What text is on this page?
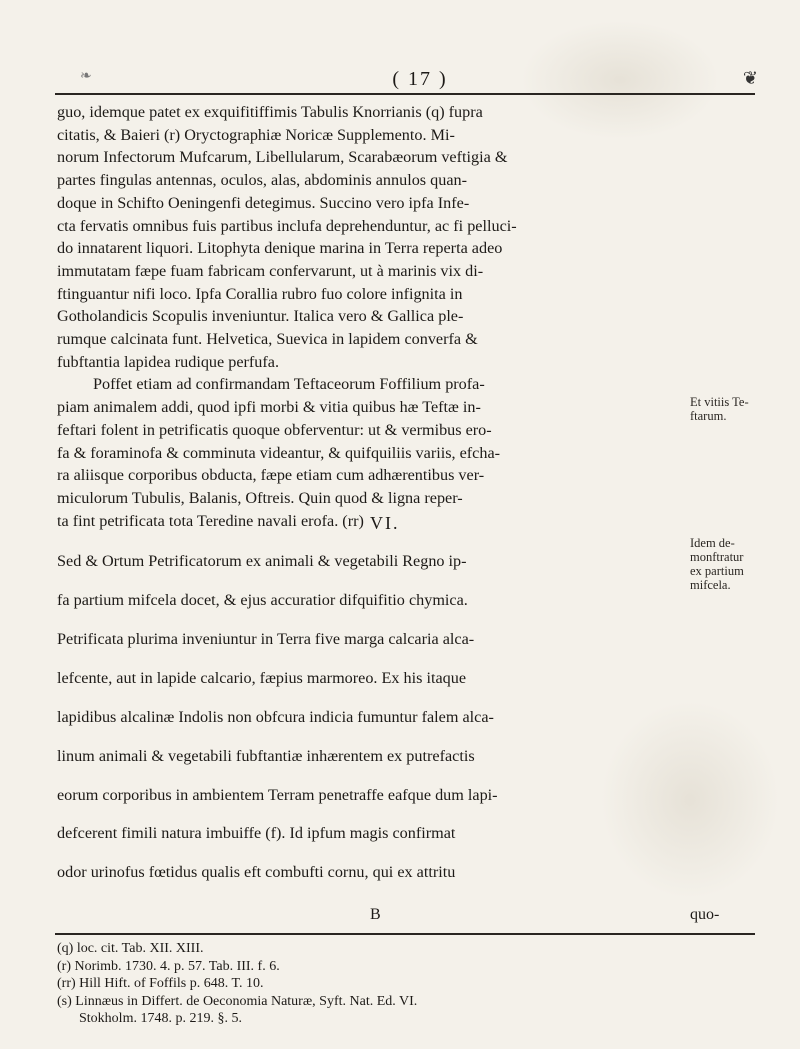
❧	( 17 )	❦

guo, idemque patet ex exquifitiffimis Tabulis Knorrianis (q) fupra

citatis, & Baieri (r) Oryctographiæ Noricæ Supplemento. Mi-

norum Infectorum Mufcarum, Libellularum, Scarabæorum veftigia &

partes fingulas antennas, oculos, alas, abdominis annulos quan-

doque in Schifto Oeningenfi detegimus. Succino vero ipfa Infe-

cta fervatis omnibus fuis partibus inclufa deprehenduntur, ac fi pelluci-

do innatarent liquori. Litophyta denique marina in Terra reperta adeo

immutatam fæpe fuam fabricam confervarunt, ut à marinis vix di-

ftinguantur nifi loco. Ipfa Corallia rubro fuo colore infignita in

Gotholandicis Scopulis inveniuntur. Italica vero & Gallica ple-

rumque calcinata funt. Helvetica, Suevica in lapidem converfa &

fubftantia lapidea rudique perfufa.

Poffet etiam ad confirmandam Teftaceorum Foffilium profa-

piam animalem addi, quod ipfi morbi & vitia quibus hæ Teftæ in-

feftari folent in petrificatis quoque obferventur: ut & vermibus ero-

fa & foraminofa & comminuta videantur, & quifquiliis variis, efcha-

ra aliisque corporibus obducta, fæpe etiam cum adhærentibus ver-

miculorum Tubulis, Balanis, Oftreis. Quin quod & ligna reper-

ta fint petrificata tota Teredine navali erofa. (rr)

Et vitiis Te-
ftarum.
VI.

Sed & Ortum Petrificatorum ex animali & vegetabili Regno ip-

fa partium mifcela docet, & ejus accuratior difquifitio chymica.

Petrificata plurima inveniuntur in Terra five marga calcaria alca-

lefcente, aut in lapide calcario, fæpius marmoreo. Ex his itaque

lapidibus alcalinæ Indolis non obfcura indicia fumuntur falem alca-

linum animali & vegetabili fubftantiæ inhærentem ex putrefactis

eorum corporibus in ambientem Terram penetraffe eafque dum lapi-

defcerent fimili natura imbuiffe (f). Id ipfum magis confirmat

odor urinofus fœtidus qualis eft combufti cornu, qui ex attritu

Idem de-
monftratur
ex partium
mifcela.
B	quo-
(q) loc. cit. Tab. XII. XIII.
(r) Norimb. 1730. 4. p. 57. Tab. III. f. 6.
(rr) Hill Hift. of Foffils p. 648. T. 10.
(s) Linnæus in Differt. de Oeconomia Naturæ, Syft. Nat. Ed. VI.
Stokholm. 1748. p. 219. §. 5.
